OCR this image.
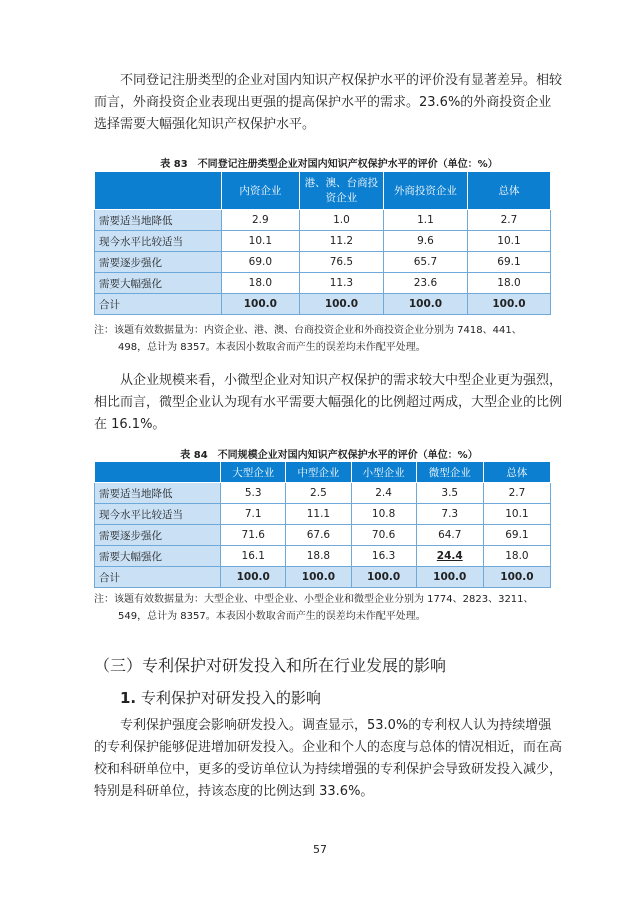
不同登记注册类型的企业对国内知识产权保护水平的评价没有显著差异。相较而言，外商投资企业表现出更强的提高保护水平的需求。23.6%的外商投资企业选择需要大幅强化知识产权保护水平。

表 83　不同登记注册类型企业对国内知识产权保护水平的评价（单位：%）
	内资企业	港、澳、台商投资企业	外商投资企业	总体
需要适当地降低	2.9	1.0	1.1	2.7
现今水平比较适当	10.1	11.2	9.6	10.1
需要逐步强化	69.0	76.5	65.7	69.1
需要大幅强化	18.0	11.3	23.6	18.0
合计	100.0	100.0	100.0	100.0
注：该题有效数据量为：内资企业、港、澳、台商投资企业和外商投资企业分别为 7418、441、
498，总计为 8357。本表因小数取舍而产生的误差均未作配平处理。

从企业规模来看，小微型企业对知识产权保护的需求较大中型企业更为强烈，相比而言，微型企业认为现有水平需要大幅强化的比例超过两成，大型企业的比例在 16.1%。

表 84　不同规模企业对国内知识产权保护水平的评价（单位：%）
	大型企业	中型企业	小型企业	微型企业	总体
需要适当地降低	5.3	2.5	2.4	3.5	2.7
现今水平比较适当	7.1	11.1	10.8	7.3	10.1
需要逐步强化	71.6	67.6	70.6	64.7	69.1
需要大幅强化	16.1	18.8	16.3	24.4	18.0
合计	100.0	100.0	100.0	100.0	100.0
注：该题有效数据量为：大型企业、中型企业、小型企业和微型企业分别为 1774、2823、3211、
549，总计为 8357。本表因小数取舍而产生的误差均未作配平处理。
（三）专利保护对研发投入和所在行业发展的影响
1. 专利保护对研发投入的影响

专利保护强度会影响研发投入。调查显示，53.0%的专利权人认为持续增强的专利保护能够促进增加研发投入。企业和个人的态度与总体的情况相近，而在高校和科研单位中，更多的受访单位认为持续增强的专利保护会导致研发投入减少，特别是科研单位，持该态度的比例达到 33.6%。

57
